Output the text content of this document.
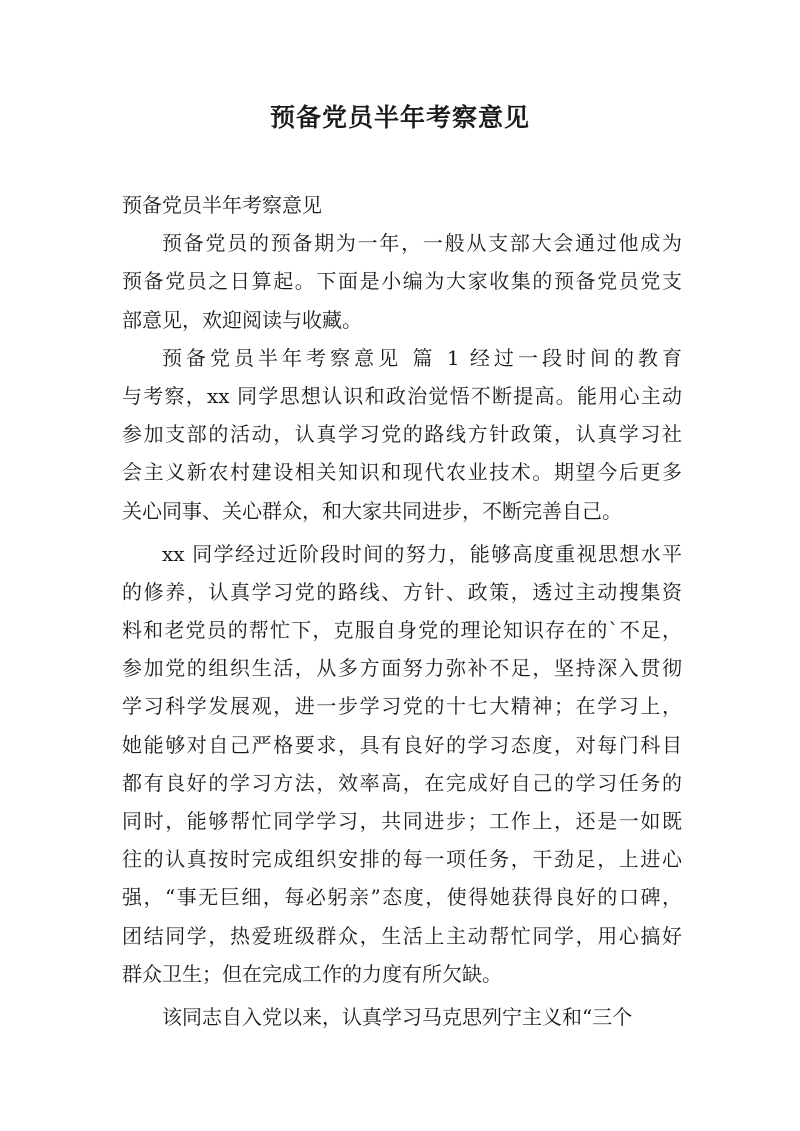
预备党员半年考察意见
预备党员半年考察意见
预备党员的预备期为一年，一般从支部大会通过他成为
预备党员之日算起。下面是小编为大家收集的预备党员党支
部意见，欢迎阅读与收藏。
预备党员半年考察意见 篇 1 经过一段时间的教育
与考察，xx 同学思想认识和政治觉悟不断提高。能用心主动
参加支部的活动，认真学习党的路线方针政策，认真学习社
会主义新农村建设相关知识和现代农业技术。期望今后更多
关心同事、关心群众，和大家共同进步，不断完善自己。
xx 同学经过近阶段时间的努力，能够高度重视思想水平
的修养，认真学习党的路线、方针、政策，透过主动搜集资
料和老党员的帮忙下，克服自身党的理论知识存在的`不足，
参加党的组织生活，从多方面努力弥补不足，坚持深入贯彻
学习科学发展观，进一步学习党的十七大精神；在学习上，
她能够对自己严格要求，具有良好的学习态度，对每门科目
都有良好的学习方法，效率高，在完成好自己的学习任务的
同时，能够帮忙同学学习，共同进步；工作上，还是一如既
往的认真按时完成组织安排的每一项任务，干劲足，上进心
强，“事无巨细，每必躬亲”态度，使得她获得良好的口碑，
团结同学，热爱班级群众，生活上主动帮忙同学，用心搞好
群众卫生；但在完成工作的力度有所欠缺。
该同志自入党以来，认真学习马克思列宁主义和“三个
